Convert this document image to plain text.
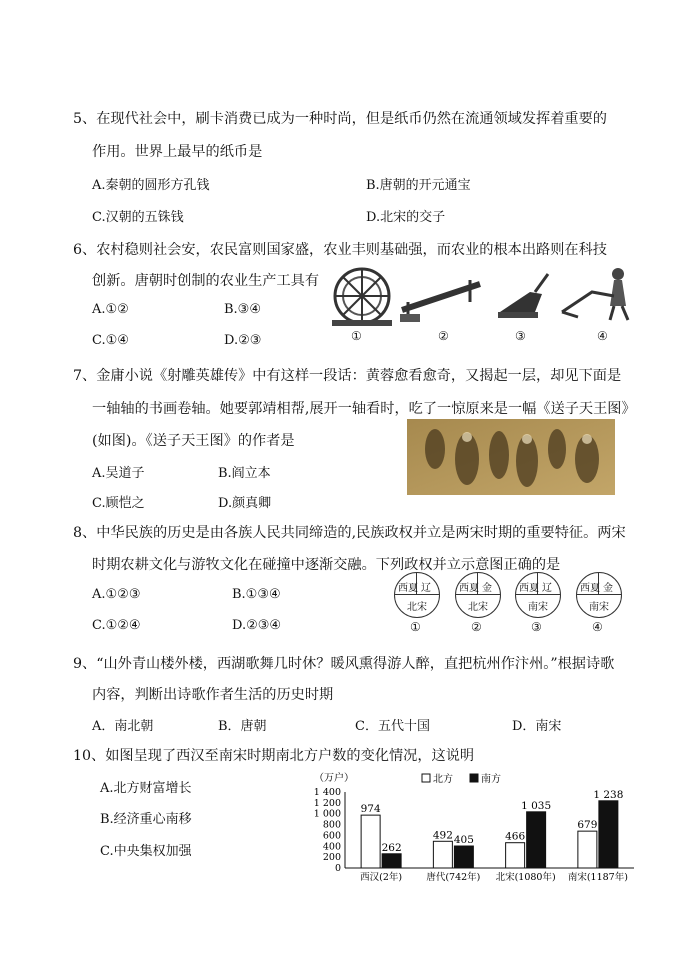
5、在现代社会中，刷卡消费已成为一种时尚，但是纸币仍然在流通领域发挥着重要的
作用。世界上最早的纸币是
A.秦朝的圆形方孔钱	B.唐朝的开元通宝
C.汉朝的五铢钱	D.北宋的交子
6、农村稳则社会安，农民富则国家盛，农业丰则基础强，而农业的根本出路则在科技
创新。唐朝时创制的农业生产工具有
A.①②	B.③④
C.①④	D.②③	①	②	③	④
7、金庸小说《射雕英雄传》中有这样一段话：黄蓉愈看愈奇，又揭起一层，却见下面是
一轴轴的书画卷轴。她要郭靖相帮,展开一轴看时，吃了一惊原来是一幅《送子天王图》
(如图)。《送子天王图》的作者是
A.吴道子	B.阎立本
C.顾恺之	D.颜真卿
8、中华民族的历史是由各族人民共同缔造的,民族政权并立是两宋时期的重要特征。两宋
时期农耕文化与游牧文化在碰撞中逐渐交融。下列政权并立示意图正确的是
A.①②③	B.①③④
C.①②④	D.②③④
西夏 辽
北宋
西夏 金
北宋
西夏 辽
南宋
西夏 金
南宋
①	②	③	④
9、“山外青山楼外楼，西湖歌舞几时休？暖风熏得游人醉，直把杭州作汴州。”根据诗歌
内容，判断出诗歌作者生活的历史时期
A．南北朝	B．唐朝	C．五代十国	D．南宋
10、如图呈现了西汉至南宋时期南北方户数的变化情况，这说明
A.北方财富增长
B.经济重心南移
C.中央集权加强
（万户）
1 400
1 200
1 000
800
600
400
200
0
974
262
西汉(2年)
492 405
唐代(742年)
466
1 035
北宋(1080年)
679
1 238
南宋(1187年)
北方	南方
